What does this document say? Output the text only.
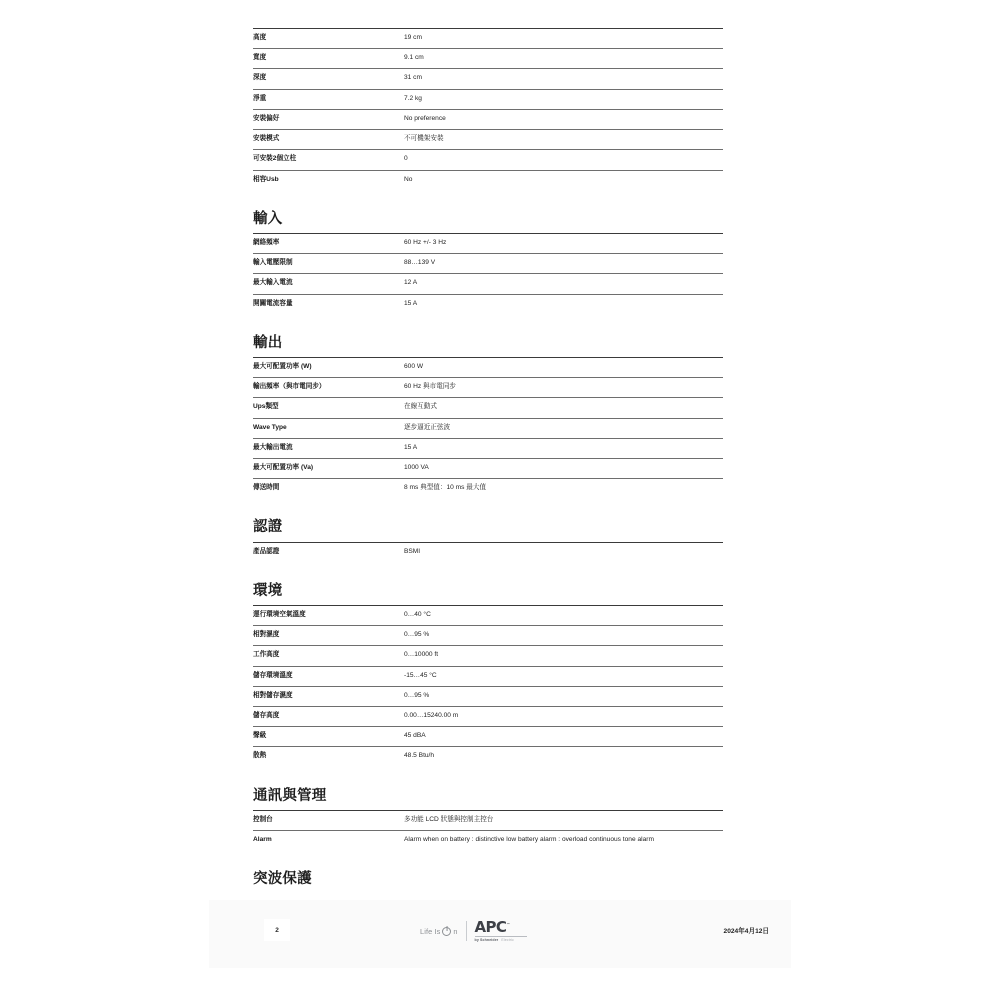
高度	19 cm
寬度	9.1 cm
深度	31 cm
淨重	7.2 kg
安裝偏好	No preference
安裝模式	不可機架安裝
可安裝2個立柱	0
相容Usb	No
輸入
網絡頻率	60 Hz +/- 3 Hz
輸入電壓限制	88…139 V
最大輸入電流	12 A
開關電流容量	15 A
輸出
最大可配置功率 (W)	600 W
輸出頻率（與市電同步）	60 Hz 與市電同步
Ups類型	在線互動式
Wave Type	逐步逼近正弦波
最大輸出電流	15 A
最大可配置功率 (Va)	1000 VA
傳送時間	8 ms 典型值：10 ms 最大值
認證
產品認證	BSMI
環境
運行環境空氣溫度	0…40 °C
相對濕度	0…95 %
工作高度	0…10000 ft
儲存環境溫度	-15…45 °C
相對儲存濕度	0…95 %
儲存高度	0.00…15240.00 m
聲級	45 dBA
散熱	48.5 Btu/h
通訊與管理
控制台	多功能 LCD 狀態與控制主控台
Alarm	Alarm when on battery : distinctive low battery alarm : overload continuous tone alarm
突波保護
2	Life Is n APC™
by Schneider Electric
2024年4月12日
